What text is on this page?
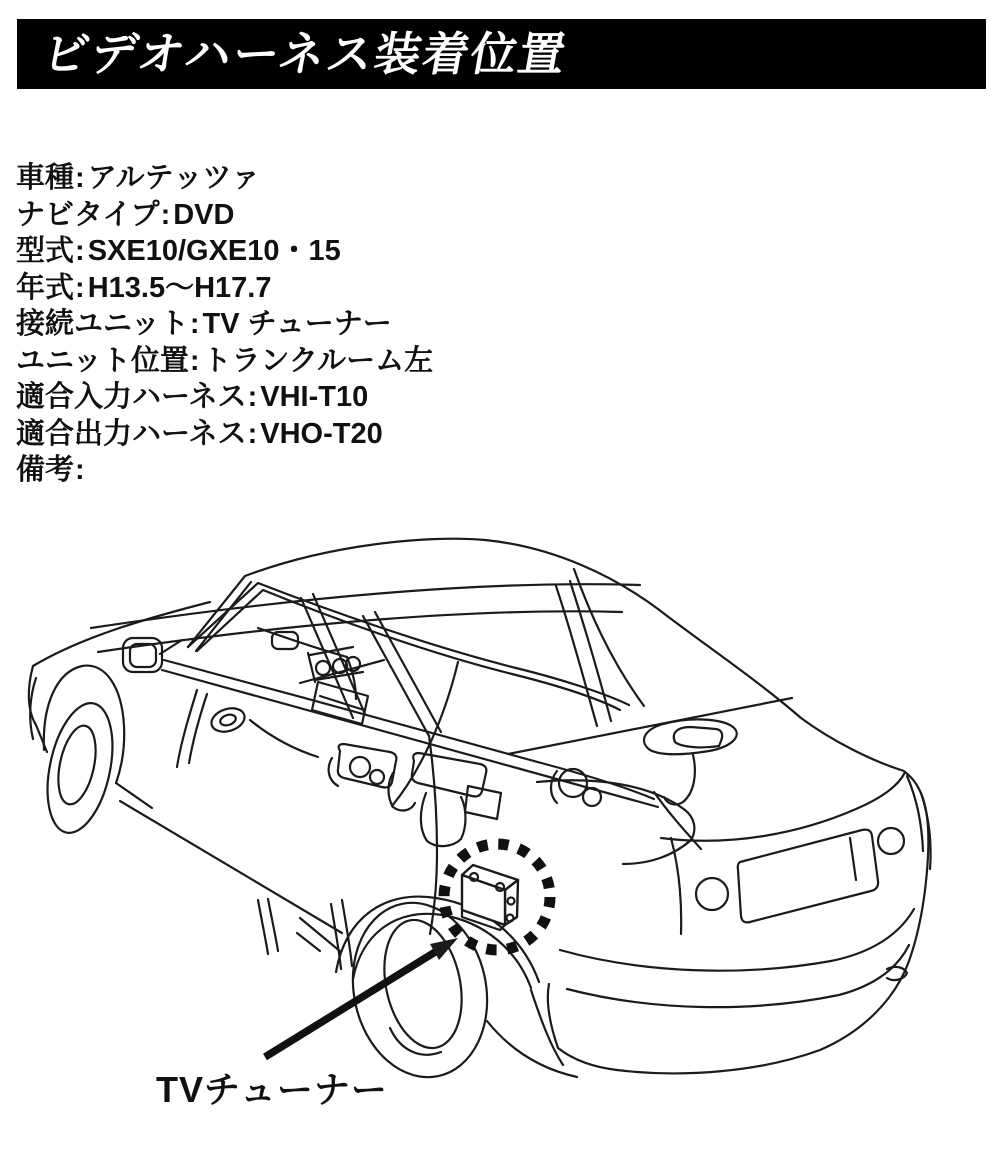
ビデオハーネス装着位置
車種: アルテッツァ
ナビタイプ: DVD
型式: SXE10/GXE10・15
年式: H13.5～H17.7
接続ユニット: TV チューナー
ユニット位置: トランクルーム左
適合入力ハーネス: VHI-T10
適合出力ハーネス: VHO-T20
備考:
TVチューナー
